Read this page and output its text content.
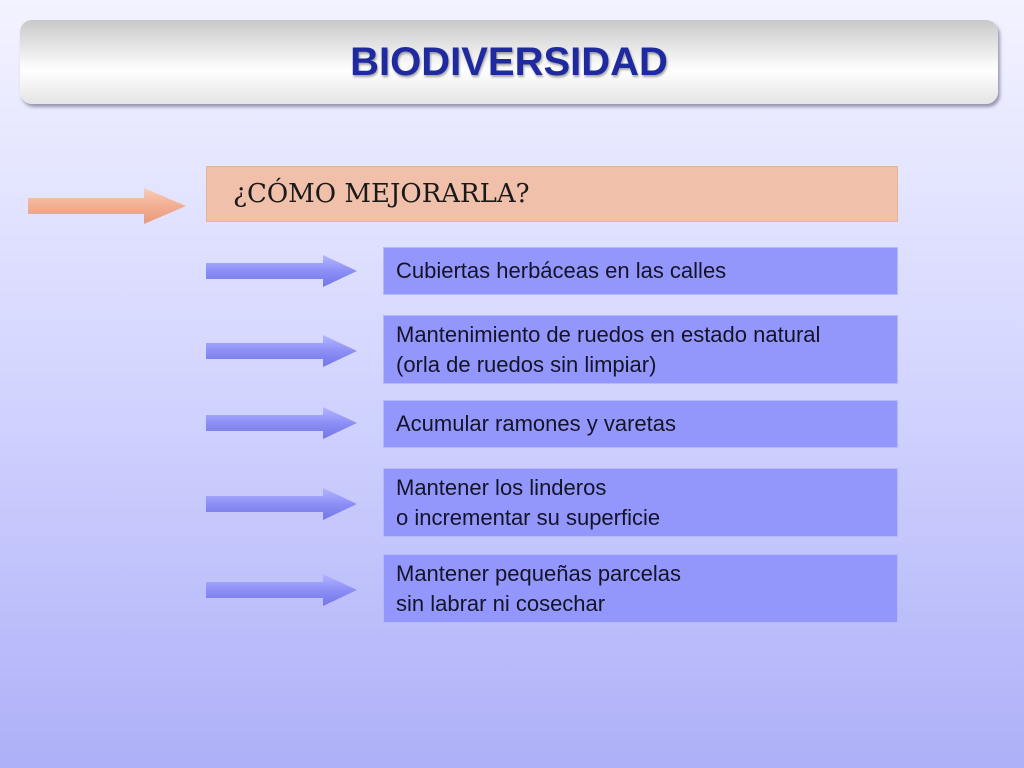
BIODIVERSIDAD
¿CÓMO MEJORARLA?
Cubiertas herbáceas en las calles
Mantenimiento de ruedos en estado natural
(orla de ruedos sin limpiar)
Acumular ramones y varetas
Mantener los linderos
o incrementar su superficie
Mantener pequeñas parcelas
sin labrar ni cosechar
